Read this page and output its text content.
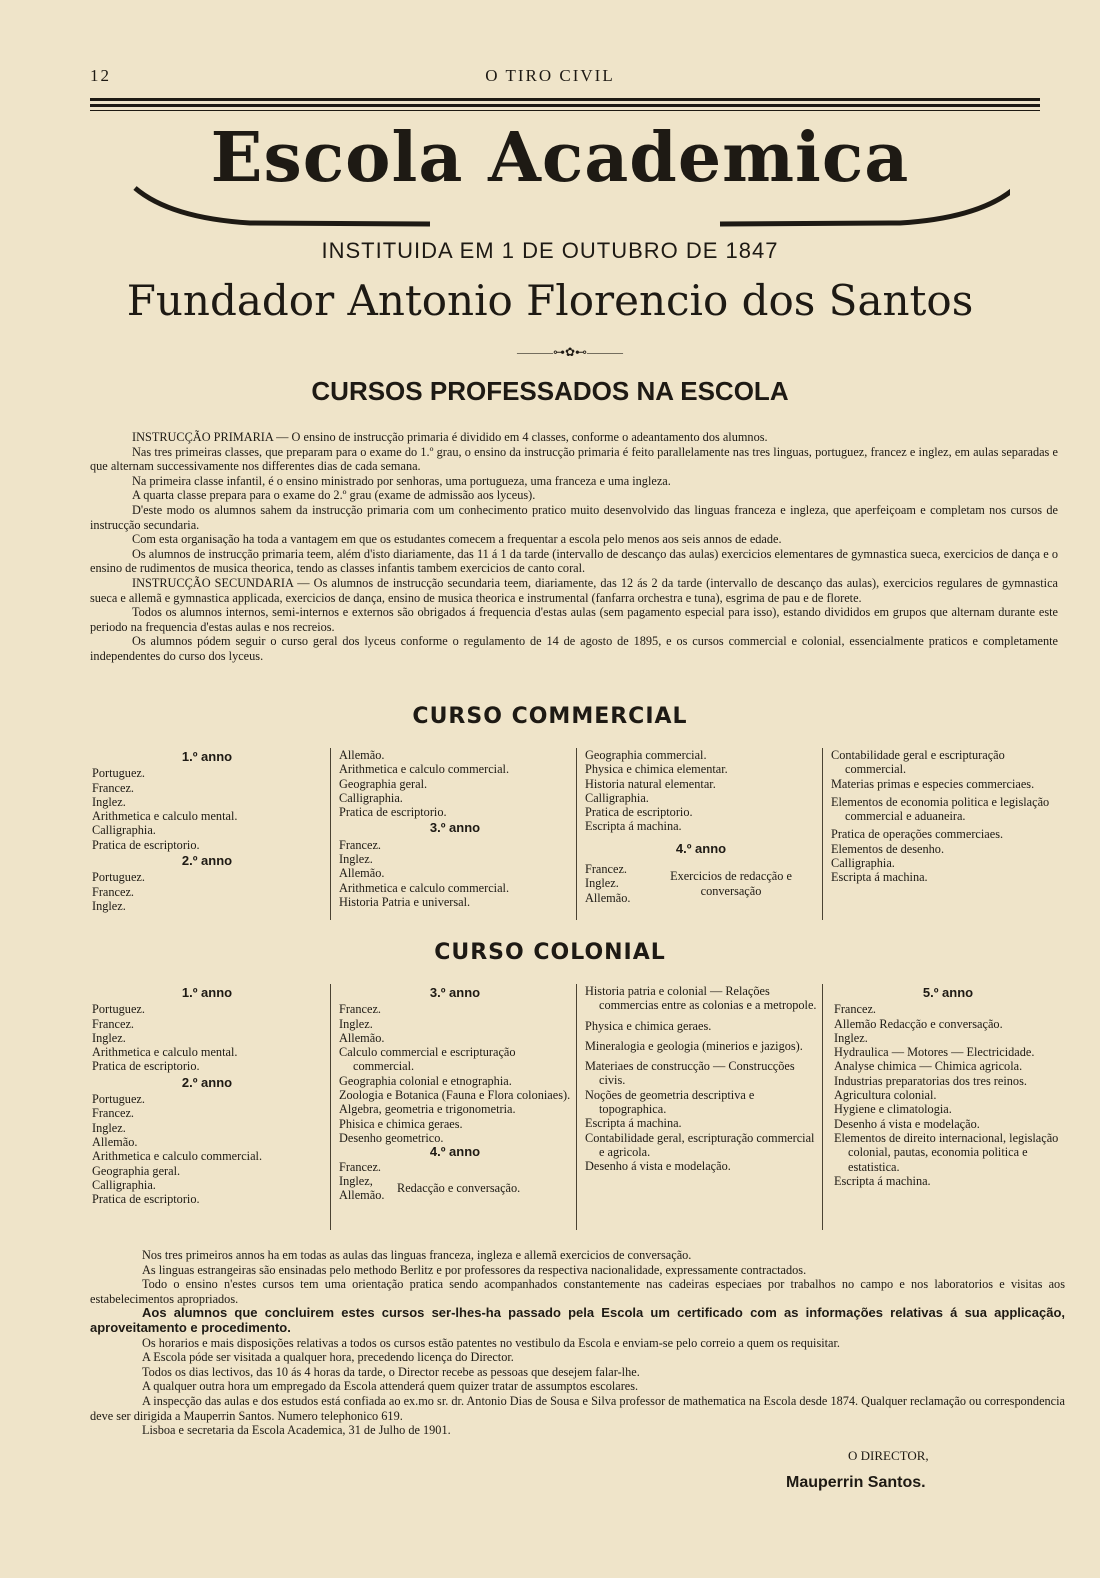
12	O TIRO CIVIL
Escola Academica
INSTITUIDA EM 1 DE OUTUBRO DE 1847
Fundador Antonio Florencio dos Santos
―――⊶✿⊷―――
CURSOS PROFESSADOS NA ESCOLA

INSTRUCÇÃO PRIMARIA — O ensino de instrucção primaria é dividido em 4 classes, conforme o adeantamento dos alumnos.

Nas tres primeiras classes, que preparam para o exame do 1.º grau, o ensino da instrucção primaria é feito parallelamente nas tres linguas, portuguez, francez e inglez, em aulas separadas e que alternam successivamente nos differentes dias de cada semana.

Na primeira classe infantil, é o ensino ministrado por senhoras, uma portugueza, uma franceza e uma ingleza.

A quarta classe prepara para o exame do 2.º grau (exame de admissão aos lyceus).

D'este modo os alumnos sahem da instrucção primaria com um conhecimento pratico muito desenvolvido das linguas franceza e ingleza, que aperfeiçoam e completam nos cursos de instrucção secundaria.

Com esta organisação ha toda a vantagem em que os estudantes comecem a frequentar a escola pelo menos aos seis annos de edade.

Os alumnos de instrucção primaria teem, além d'isto diariamente, das 11 á 1 da tarde (intervallo de descanço das aulas) exercicios elementares de gymnastica sueca, exercicios de dança e o ensino de rudimentos de musica theorica, tendo as classes infantis tambem exercicios de canto coral.

INSTRUCÇÃO SECUNDARIA — Os alumnos de instrucção secundaria teem, diariamente, das 12 ás 2 da tarde (intervallo de descanço das aulas), exercicios regulares de gymnastica sueca e allemã e gymnastica applicada, exercicios de dança, ensino de musica theorica e instrumental (fanfarra orchestra e tuna), esgrima de pau e de florete.

Todos os alumnos internos, semi-internos e externos são obrigados á frequencia d'estas aulas (sem pagamento especial para isso), estando divididos em grupos que alternam durante este periodo na frequencia d'estas aulas e nos recreios.

Os alumnos pódem seguir o curso geral dos lyceus conforme o regulamento de 14 de agosto de 1895, e os cursos commercial e colonial, essencialmente praticos e completamente independentes do curso dos lyceus.

CURSO COMMERCIAL
1.º anno
Portuguez.
Francez.
Inglez.
Arithmetica e calculo mental.
Calligraphia.
Pratica de escriptorio.
2.º anno
Portuguez.
Francez.
Inglez.
Allemão.
Arithmetica e calculo commercial.
Geographia geral.
Calligraphia.
Pratica de escriptorio.
3.º anno
Francez.
Inglez.
Allemão.
Arithmetica e calculo commercial.
Historia Patria e universal.
Geographia commercial.
Physica e chimica elementar.
Historia natural elementar.
Calligraphia.
Pratica de escriptorio.
Escripta á machina.
4.º anno
Francez.
Inglez.
Allemão.
Exercicios de redacção e conversação
Contabilidade geral e escripturação commercial.
Materias primas e especies commerciaes.
Elementos de economia politica e legislação commercial e aduaneira.
Pratica de operações commerciaes.
Elementos de desenho.
Calligraphia.
Escripta á machina.
CURSO COLONIAL
1.º anno
Portuguez.
Francez.
Inglez.
Arithmetica e calculo mental.
Pratica de escriptorio.
2.º anno
Portuguez.
Francez.
Inglez.
Allemão.
Arithmetica e calculo commercial.
Geographia geral.
Calligraphia.
Pratica de escriptorio.
3.º anno
Francez.
Inglez.
Allemão.
Calculo commercial e escripturação commercial.
Geographia colonial e etnographia.
Zoologia e Botanica (Fauna e Flora coloniaes).
Algebra, geometria e trigonometria.
Phisica e chimica geraes.
Desenho geometrico.
4.º anno
Francez.
Inglez,
Allemão.
Redacção e conversação.
Historia patria e colonial — Relações commercias entre as colonias e a metropole.
Physica e chimica geraes.
Mineralogia e geologia (minerios e jazigos).
Materiaes de construcção — Construcções civis.
Noções de geometria descriptiva e topographica.
Escripta á machina.
Contabilidade geral, escripturação commercial e agricola.
Desenho á vista e modelação.
5.º anno
Francez.
Allemão Redacção e conversação.
Inglez.
Hydraulica — Motores — Electricidade.
Analyse chimica — Chimica agricola.
Industrias preparatorias dos tres reinos.
Agricultura colonial.
Hygiene e climatologia.
Desenho á vista e modelação.
Elementos de direito internacional, legislação colonial, pautas, economia politica e estatistica.
Escripta á machina.

Nos tres primeiros annos ha em todas as aulas das linguas franceza, ingleza e allemã exercicios de conversação.

As linguas estrangeiras são ensinadas pelo methodo Berlitz e por professores da respectiva nacionalidade, expressamente contractados.

Todo o ensino n'estes cursos tem uma orientação pratica sendo acompanhados constantemente nas cadeiras especiaes por trabalhos no campo e nos laboratorios e visitas aos estabelecimentos apropriados.

Aos alumnos que concluirem estes cursos ser-lhes-ha passado pela Escola um certificado com as informações relativas á sua applicação, aproveitamento e procedimento.

Os horarios e mais disposições relativas a todos os cursos estão patentes no vestibulo da Escola e enviam-se pelo correio a quem os requisitar.

A Escola póde ser visitada a qualquer hora, precedendo licença do Director.

Todos os dias lectivos, das 10 ás 4 horas da tarde, o Director recebe as pessoas que desejem falar-lhe.

A qualquer outra hora um empregado da Escola attenderá quem quizer tratar de assumptos escolares.

A inspecção das aulas e dos estudos está confiada ao ex.mo sr. dr. Antonio Dias de Sousa e Silva professor de mathematica na Escola desde 1874. Qualquer reclamação ou correspondencia deve ser dirigida a Mauperrin Santos. Numero telephonico 619.

Lisboa e secretaria da Escola Academica, 31 de Julho de 1901.

O DIRECTOR,
Mauperrin Santos.
